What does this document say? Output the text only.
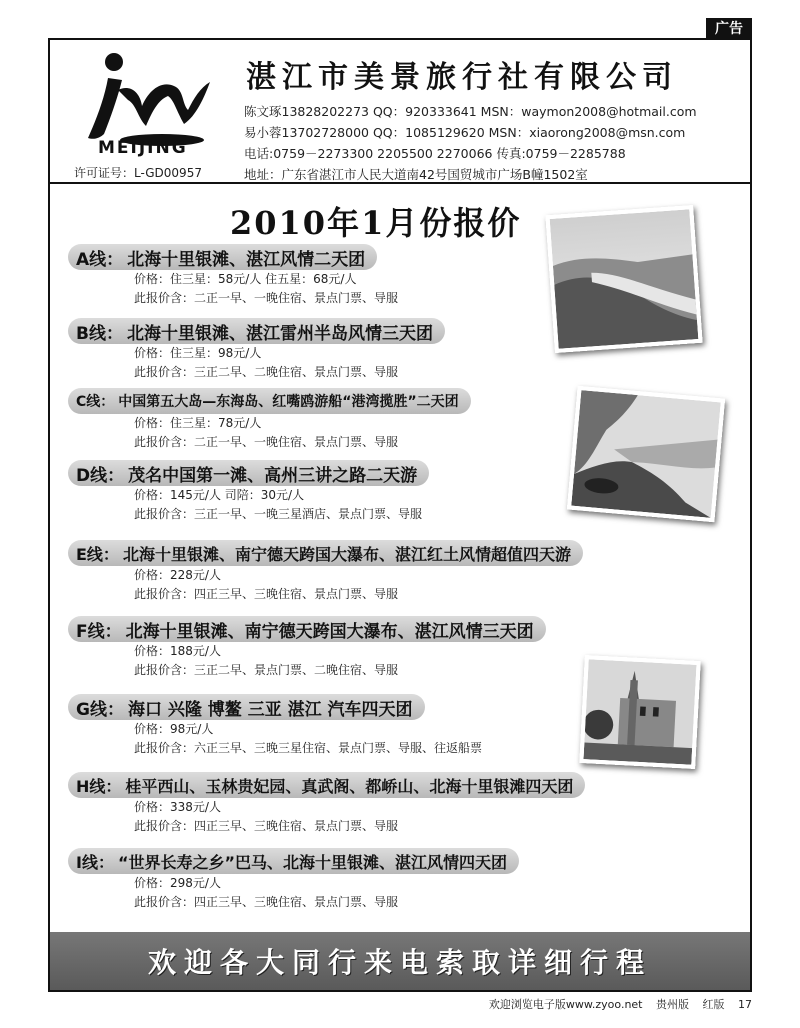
广告
MEIJING
许可证号：L-GD00957
湛江市美景旅行社有限公司
陈文琢13828202273 QQ：920333641 MSN：waymon2008@hotmail.com
易小蓉13702728000 QQ：1085129620 MSN：xiaorong2008@msn.com
电话:0759－2273300 2205500 2270066 传真:0759－2285788
地址：广东省湛江市人民大道南42号国贸城市广场B幢1502室
2010年1月份报价
A线： 北海十里银滩、湛江风情二天团
价格：住三星：58元/人 住五星：68元/人
此报价含：二正一早、一晚住宿、景点门票、导服
B线： 北海十里银滩、湛江雷州半岛风情三天团
价格：住三星：98元/人
此报价含：三正二早、二晚住宿、景点门票、导服
C线： 中国第五大岛—东海岛、红嘴鸥游船“港湾揽胜”二天团
价格：住三星：78元/人
此报价含：二正一早、一晚住宿、景点门票、导服
D线： 茂名中国第一滩、高州三讲之路二天游
价格：145元/人 司陪：30元/人
此报价含：三正一早、一晚三星酒店、景点门票、导服
E线： 北海十里银滩、南宁德天跨国大瀑布、湛江红土风情超值四天游
价格：228元/人
此报价含：四正三早、三晚住宿、景点门票、导服
F线： 北海十里银滩、南宁德天跨国大瀑布、湛江风情三天团
价格：188元/人
此报价含：三正二早、景点门票、二晚住宿、导服
G线： 海口 兴隆 博鳌 三亚 湛江 汽车四天团
价格：98元/人
此报价含：六正三早、三晚三星住宿、景点门票、导服、往返船票
H线： 桂平西山、玉林贵妃园、真武阁、都峤山、北海十里银滩四天团
价格：338元/人
此报价含：四正三早、三晚住宿、景点门票、导服
I线： “世界长寿之乡”巴马、北海十里银滩、湛江风情四天团
价格：298元/人
此报价含：四正三早、三晚住宿、景点门票、导服
欢迎各大同行来电索取详细行程
欢迎浏览电子版www.zyoo.net 贵州版 红版 17
